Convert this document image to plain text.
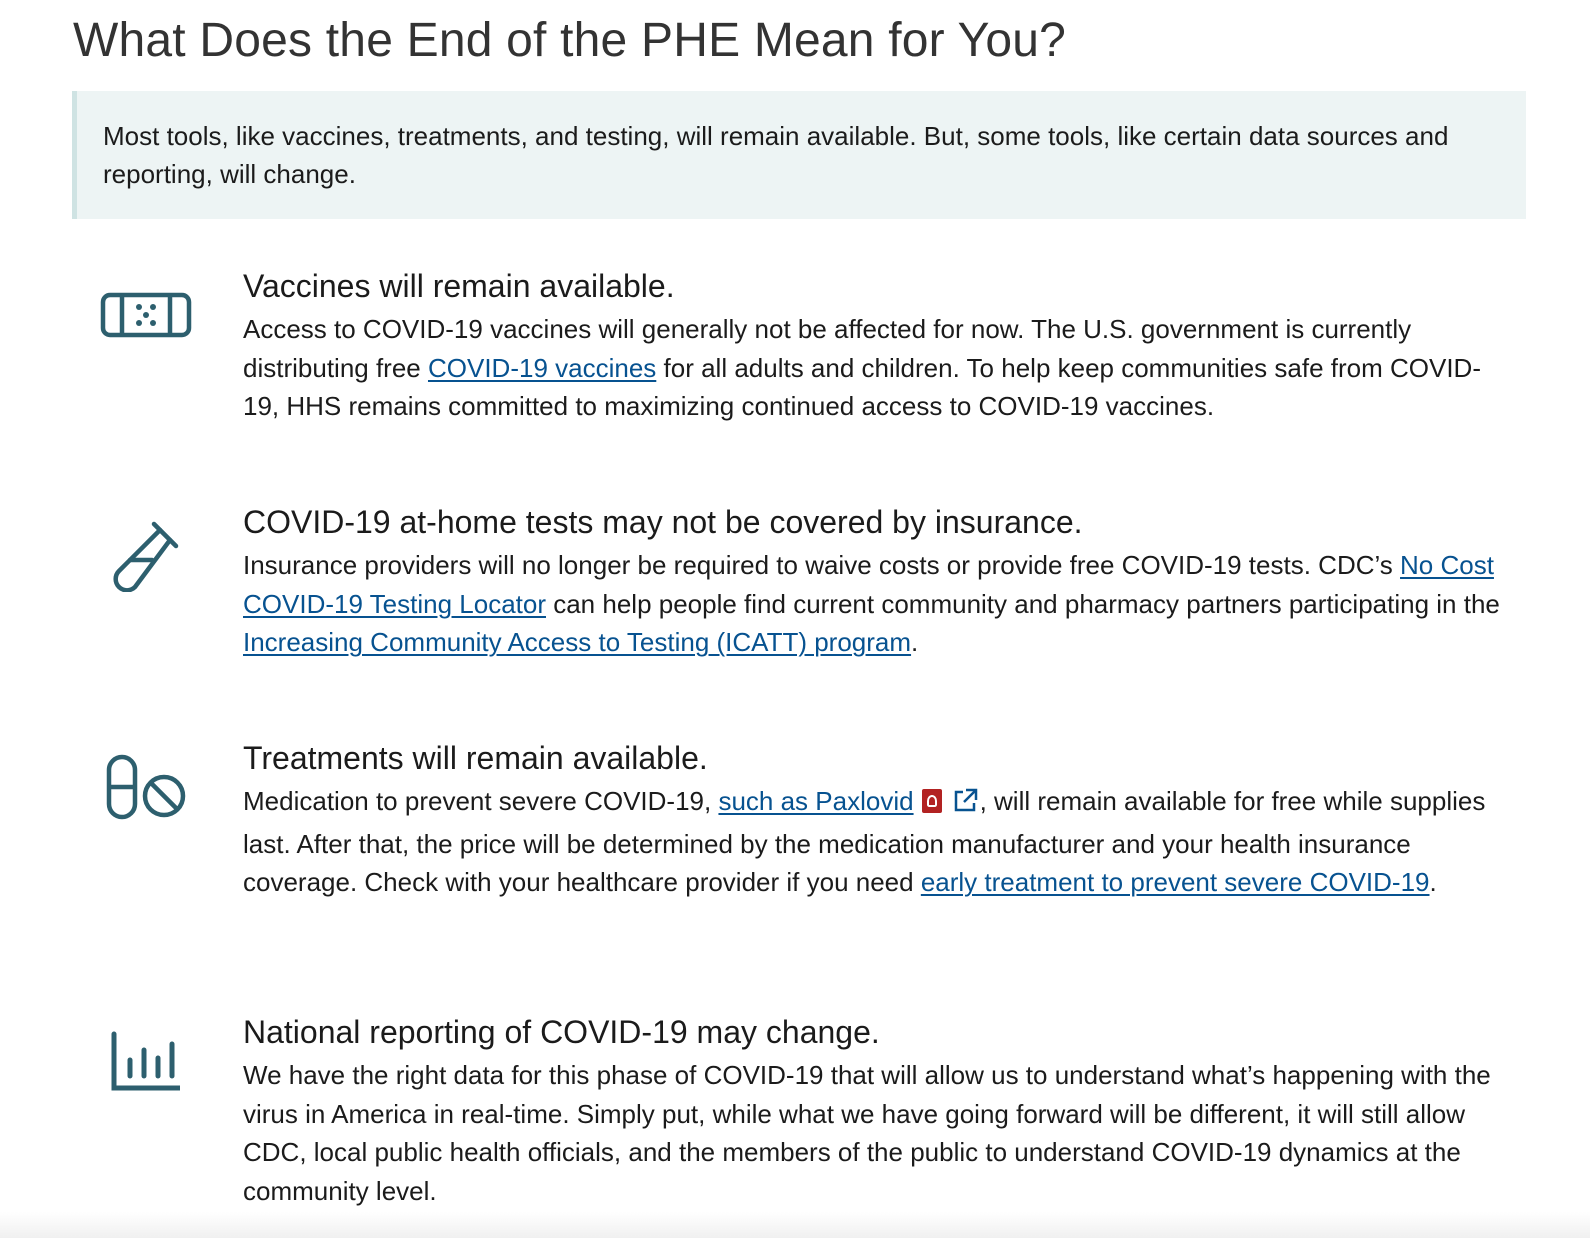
What Does the End of the PHE Mean for You?

Most tools, like vaccines, treatments, and testing, will remain available. But, some tools, like certain data sources and reporting, will change.

Vaccines will remain available.

Access to COVID-19 vaccines will generally not be affected for now. The U.S. government is currently distributing free COVID-19 vaccines for all adults and children. To help keep communities safe from COVID-19, HHS remains committed to maximizing continued access to COVID-19 vaccines.

COVID-19 at-home tests may not be covered by insurance.

Insurance providers will no longer be required to waive costs or provide free COVID-19 tests. CDC’s No Cost COVID-19 Testing Locator can help people find current community and pharmacy partners participating in the Increasing Community Access to Testing (ICATT) program.

Treatments will remain available.

Medication to prevent severe COVID-19, such as Paxlovid	, will remain available for free while supplies last. After that, the price will be determined by the medication manufacturer and your health insurance coverage. Check with your healthcare provider if you need early treatment to prevent severe COVID-19.

National reporting of COVID-19 may change.

We have the right data for this phase of COVID-19 that will allow us to understand what’s happening with the virus in America in real-time. Simply put, while what we have going forward will be different, it will still allow CDC, local public health officials, and the members of the public to understand COVID-19 dynamics at the community level.
